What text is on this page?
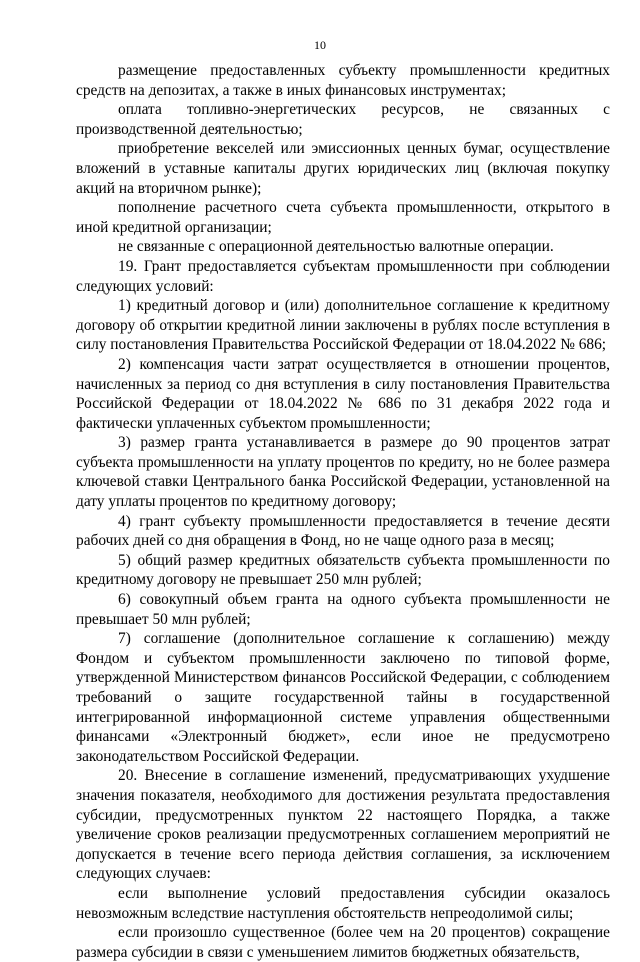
10

размещение предоставленных субъекту промышленности кредитных средств на депозитах, а также в иных финансовых инструментах;

оплата топливно-энергетических ресурсов, не связанных с производственной деятельностью;

приобретение векселей или эмиссионных ценных бумаг, осуществление вложений в уставные капиталы других юридических лиц (включая покупку акций на вторичном рынке);

пополнение расчетного счета субъекта промышленности, открытого в иной кредитной организации;

не связанные с операционной деятельностью валютные операции.

19. Грант предоставляется субъектам промышленности при соблюдении следующих условий:

1) кредитный договор и (или) дополнительное соглашение к кредитному договору об открытии кредитной линии заключены в рублях после вступления в силу постановления Правительства Российской Федерации от 18.04.2022 № 686;

2) компенсация части затрат осуществляется в отношении процентов, начисленных за период со дня вступления в силу постановления Правительства Российской Федерации от 18.04.2022 № 686 по 31 декабря 2022 года и фактически уплаченных субъектом промышленности;

3) размер гранта устанавливается в размере до 90 процентов затрат субъекта промышленности на уплату процентов по кредиту, но не более размера ключевой ставки Центрального банка Российской Федерации, установленной на дату уплаты процентов по кредитному договору;

4) грант субъекту промышленности предоставляется в течение десяти рабочих дней со дня обращения в Фонд, но не чаще одного раза в месяц;

5) общий размер кредитных обязательств субъекта промышленности по кредитному договору не превышает 250 млн рублей;

6) совокупный объем гранта на одного субъекта промышленности не превышает 50 млн рублей;

7) соглашение (дополнительное соглашение к соглашению) между Фондом и субъектом промышленности заключено по типовой форме, утвержденной Министерством финансов Российской Федерации, с соблюдением требований о защите государственной тайны в государственной интегрированной информационной системе управления общественными финансами «Электронный бюджет», если иное не предусмотрено законодательством Российской Федерации.

20. Внесение в соглашение изменений, предусматривающих ухудшение значения показателя, необходимого для достижения результата предоставления субсидии, предусмотренных пунктом 22 настоящего Порядка, а также увеличение сроков реализации предусмотренных соглашением мероприятий не допускается в течение всего периода действия соглашения, за исключением следующих случаев:

если выполнение условий предоставления субсидии оказалось невозможным вследствие наступления обстоятельств непреодолимой силы;

если произошло существенное (более чем на 20 процентов) сокращение размера субсидии в связи с уменьшением лимитов бюджетных обязательств,
